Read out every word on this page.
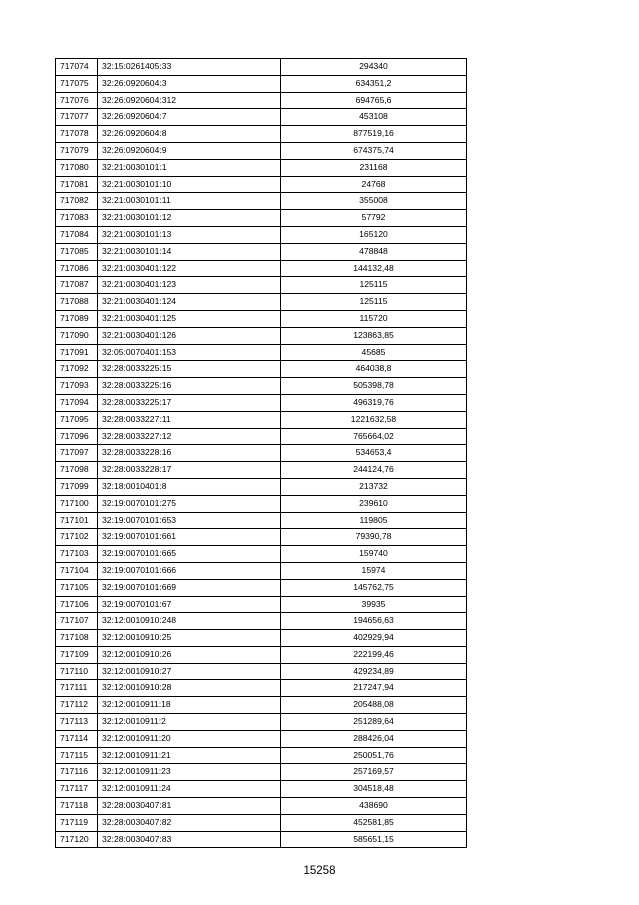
717074	32:15:0261405:33	294340
717075	32:26:0920604:3	634351,2
717076	32:26:0920604:312	694765,6
717077	32:26:0920604:7	453108
717078	32:26:0920604:8	877519,16
717079	32:26:0920604:9	674375,74
717080	32:21:0030101:1	231168
717081	32:21:0030101:10	24768
717082	32:21:0030101:11	355008
717083	32:21:0030101:12	57792
717084	32:21:0030101:13	165120
717085	32:21:0030101:14	478848
717086	32:21:0030401:122	144132,48
717087	32:21:0030401:123	125115
717088	32:21:0030401:124	125115
717089	32:21:0030401:125	115720
717090	32:21:0030401:126	123863,85
717091	32:05:0070401:153	45685
717092	32:28:0033225:15	464038,8
717093	32:28:0033225:16	505398,78
717094	32:28:0033225:17	496319,76
717095	32:28:0033227:11	1221632,58
717096	32:28:0033227:12	765664,02
717097	32:28:0033228:16	534653,4
717098	32:28:0033228:17	244124,76
717099	32:18:0010401:8	213732
717100	32:19:0070101:275	239610
717101	32:19:0070101:653	119805
717102	32:19:0070101:661	79390,78
717103	32:19:0070101:665	159740
717104	32:19:0070101:666	15974
717105	32:19:0070101:669	145762,75
717106	32:19:0070101:67	39935
717107	32:12:0010910:248	194656,63
717108	32:12:0010910:25	402929,94
717109	32:12:0010910:26	222199,46
717110	32:12:0010910:27	429234,89
717111	32:12:0010910:28	217247,94
717112	32:12:0010911:18	205488,08
717113	32:12:0010911:2	251289,64
717114	32:12:0010911:20	288426,04
717115	32:12:0010911:21	250051,76
717116	32:12:0010911:23	257169,57
717117	32:12:0010911:24	304518,48
717118	32:28:0030407:81	438690
717119	32:28:0030407:82	452581,85
717120	32:28:0030407:83	585651,15
15258
